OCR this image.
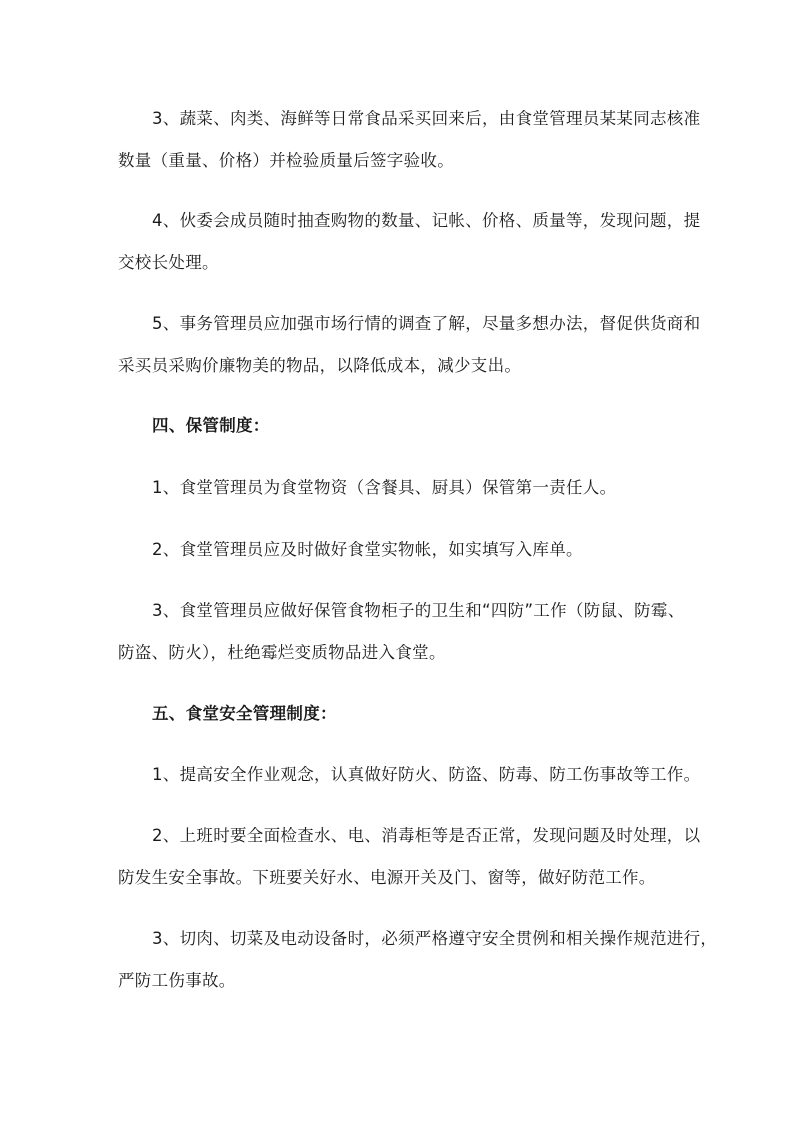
3、蔬菜、肉类、海鲜等日常食品采买回来后，由食堂管理员某某同志核准
数量（重量、价格）并检验质量后签字验收。
4、伙委会成员随时抽查购物的数量、记帐、价格、质量等，发现问题，提
交校长处理。
5、事务管理员应加强市场行情的调查了解，尽量多想办法，督促供货商和
采买员采购价廉物美的物品，以降低成本，减少支出。
四、保管制度：
1、食堂管理员为食堂物资（含餐具、厨具）保管第一责任人。
2、食堂管理员应及时做好食堂实物帐，如实填写入库单。
3、食堂管理员应做好保管食物柜子的卫生和“四防”工作（防鼠、防霉、
防盗、防火），杜绝霉烂变质物品进入食堂。
五、食堂安全管理制度：
1、提高安全作业观念，认真做好防火、防盗、防毒、防工伤事故等工作。
2、上班时要全面检查水、电、消毒柜等是否正常，发现问题及时处理，以
防发生安全事故。下班要关好水、电源开关及门、窗等，做好防范工作。
3、切肉、切菜及电动设备时，必须严格遵守安全贯例和相关操作规范进行，
严防工伤事故。
